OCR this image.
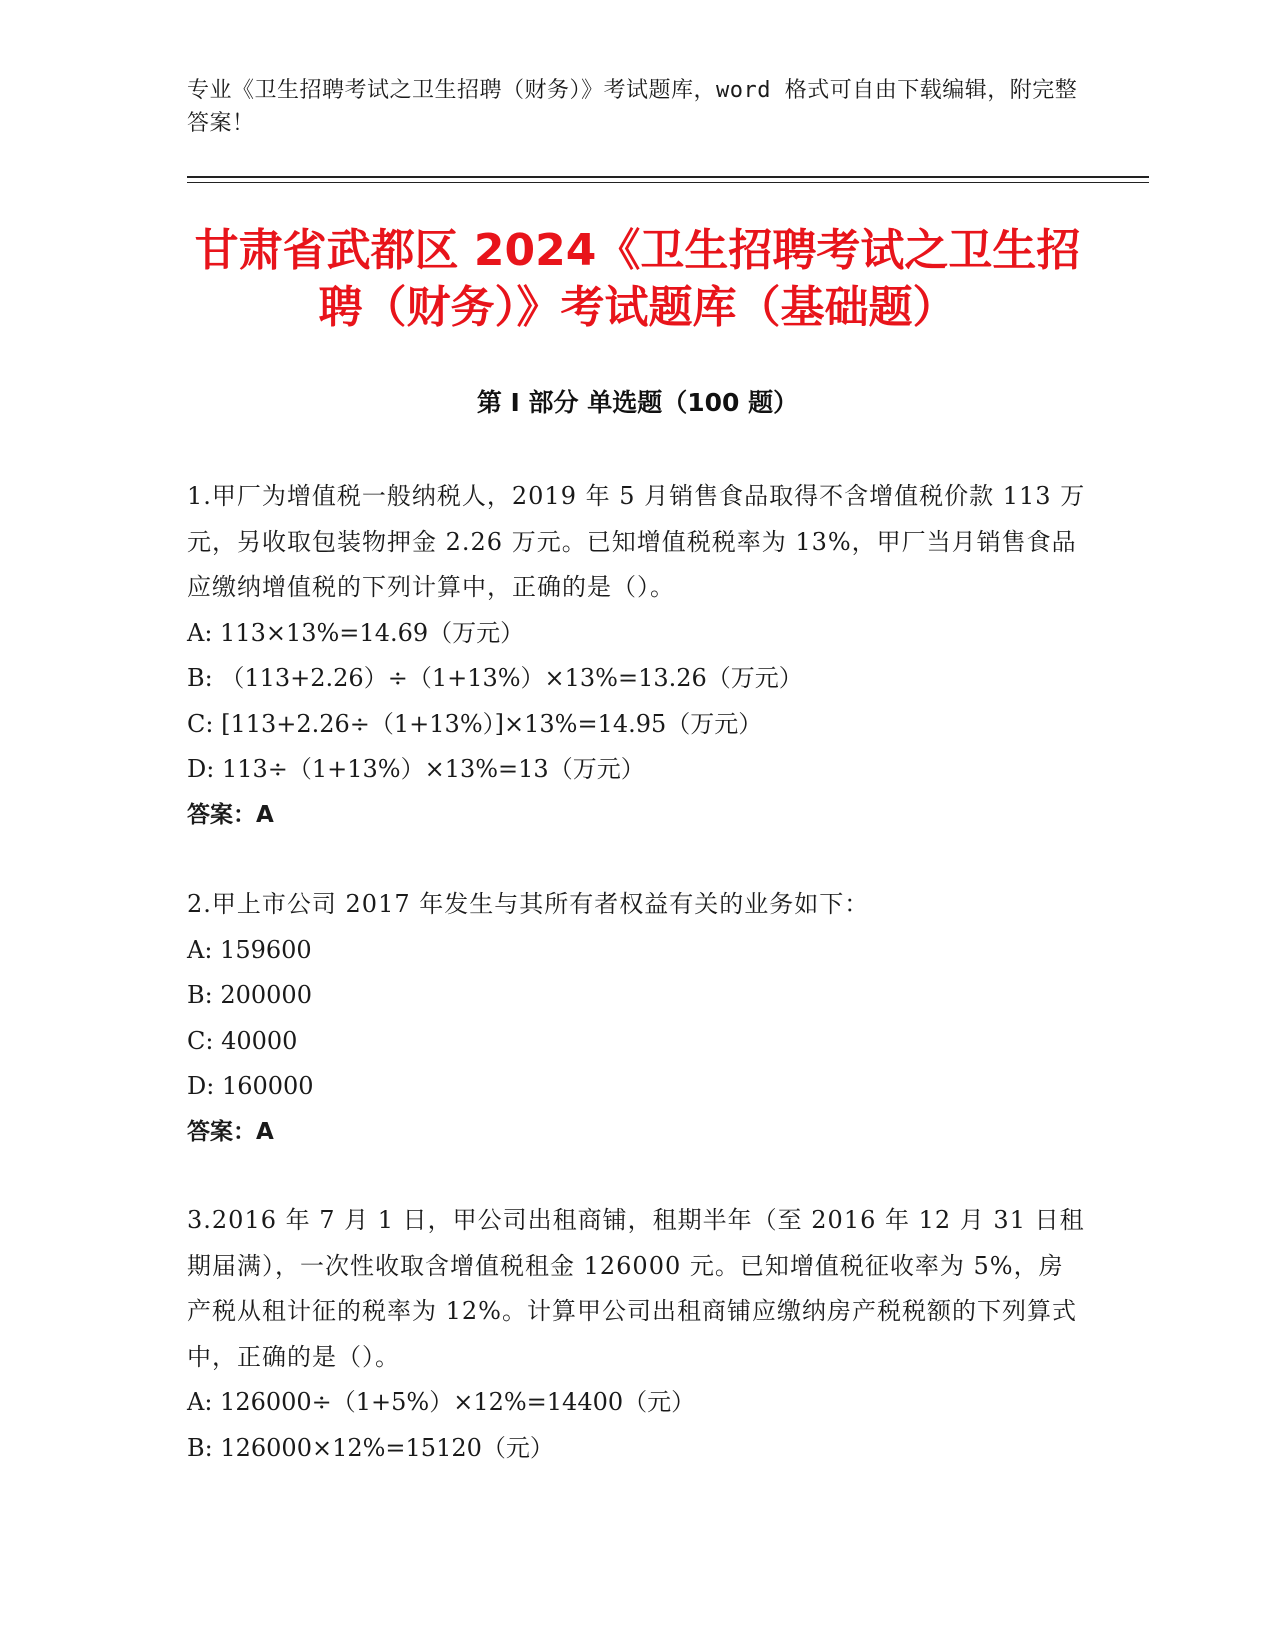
专业《卫生招聘考试之卫生招聘（财务）》考试题库，word 格式可自由下载编辑，附完整答案！
甘肃省武都区 2024《卫生招聘考试之卫生招
聘（财务）》考试题库（基础题）
第 I 部分 单选题（100 题）

1.甲厂为增值税一般纳税人，2019 年 5 月销售食品取得不含增值税价款 113 万元，另收取包装物押金 2.26 万元。已知增值税税率为 13%，甲厂当月销售食品应缴纳增值税的下列计算中，正确的是（）。

A: 113×13%=14.69（万元）

B: （113+2.26）÷（1+13%）×13%=13.26（万元）

C: [113+2.26÷（1+13%）]×13%=14.95（万元）

D: 113÷（1+13%）×13%=13（万元）

答案：A

2.甲上市公司 2017 年发生与其所有者权益有关的业务如下：

A: 159600

B: 200000

C: 40000

D: 160000

答案：A

3.2016 年 7 月 1 日，甲公司出租商铺，租期半年（至 2016 年 12 月 31 日租期届满），一次性收取含增值税租金 126000 元。已知增值税征收率为 5%，房产税从租计征的税率为 12%。计算甲公司出租商铺应缴纳房产税税额的下列算式中，正确的是（）。

A: 126000÷（1+5%）×12%=14400（元）

B: 126000×12%=15120（元）
